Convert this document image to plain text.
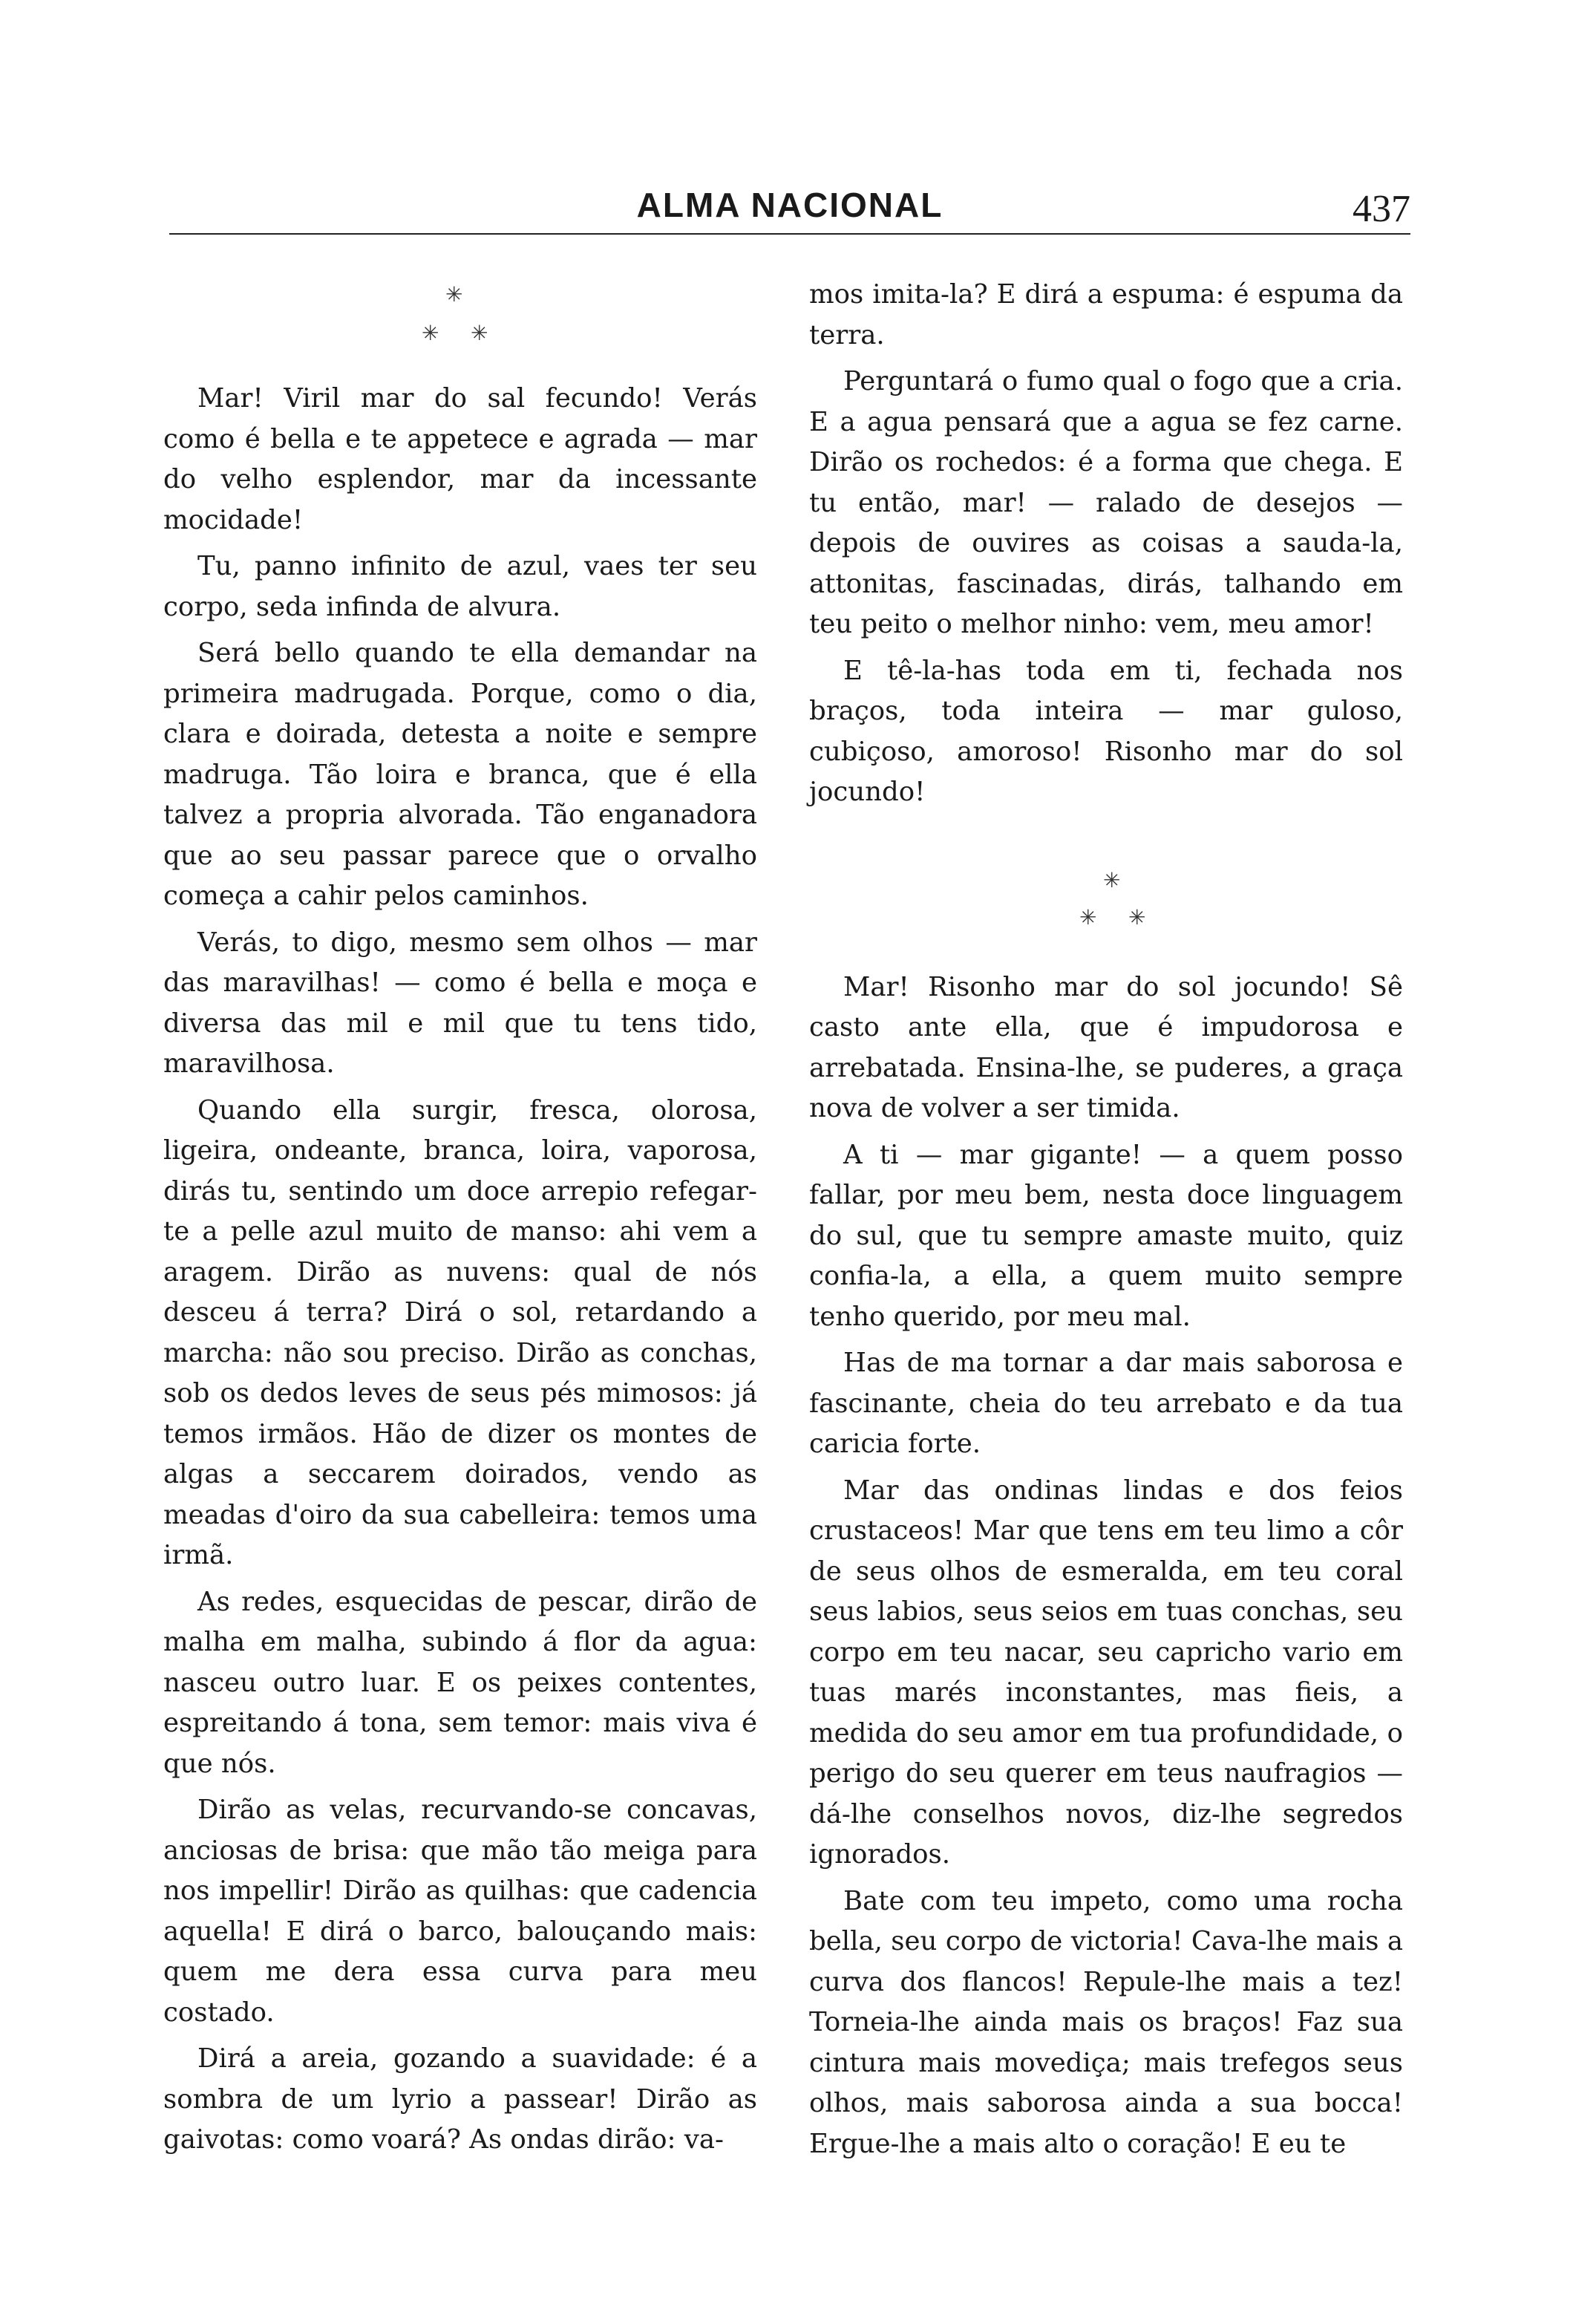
ALMA NACIONAL	437
✳
✳ ✳

Mar! Viril mar do sal fecundo! Verás como é bella e te appetece e agrada — mar do velho esplendor, mar da incessante mocidade!

Tu, panno infinito de azul, vaes ter seu corpo, seda infinda de alvura.

Será bello quando te ella demandar na primeira madrugada. Porque, como o dia, clara e doirada, detesta a noite e sempre madruga. Tão loira e branca, que é ella talvez a propria alvorada. Tão enganadora que ao seu passar parece que o orvalho começa a cahir pelos caminhos.

Verás, to digo, mesmo sem olhos — mar das maravilhas! — como é bella e moça e diversa das mil e mil que tu tens tido, maravilhosa.

Quando ella surgir, fresca, olorosa, ligeira, ondeante, branca, loira, vaporosa, dirás tu, sentindo um doce arrepio refegar-te a pelle azul muito de manso: ahi vem a aragem. Dirão as nuvens: qual de nós desceu á terra? Dirá o sol, retardando a marcha: não sou preciso. Dirão as conchas, sob os dedos leves de seus pés mimosos: já temos irmãos. Hão de dizer os montes de algas a seccarem doirados, vendo as meadas d'oiro da sua cabelleira: temos uma irmã.

As redes, esquecidas de pescar, dirão de malha em malha, subindo á flor da agua: nasceu outro luar. E os peixes contentes, espreitando á tona, sem temor: mais viva é que nós.

Dirão as velas, recurvando-se concavas, anciosas de brisa: que mão tão meiga para nos impellir! Dirão as quilhas: que cadencia aquella! E dirá o barco, balouçando mais: quem me dera essa curva para meu costado.

Dirá a areia, gozando a suavidade: é a sombra de um lyrio a passear! Dirão as gaivotas: como voará? As ondas dirão: va-

mos imita-la? E dirá a espuma: é espuma da terra.

Perguntará o fumo qual o fogo que a cria. E a agua pensará que a agua se fez carne. Dirão os rochedos: é a forma que chega. E tu então, mar! — ralado de desejos — depois de ouvires as coisas a sauda-la, attonitas, fascinadas, dirás, talhando em teu peito o melhor ninho: vem, meu amor!

E tê-la-has toda em ti, fechada nos braços, toda inteira — mar guloso, cubiçoso, amoroso! Risonho mar do sol jocundo!

✳
✳ ✳

Mar! Risonho mar do sol jocundo! Sê casto ante ella, que é impudorosa e arrebatada. Ensina-lhe, se puderes, a graça nova de volver a ser timida.

A ti — mar gigante! — a quem posso fallar, por meu bem, nesta doce linguagem do sul, que tu sempre amaste muito, quiz confia-la, a ella, a quem muito sempre tenho querido, por meu mal.

Has de ma tornar a dar mais saborosa e fascinante, cheia do teu arrebato e da tua caricia forte.

Mar das ondinas lindas e dos feios crustaceos! Mar que tens em teu limo a côr de seus olhos de esmeralda, em teu coral seus labios, seus seios em tuas conchas, seu corpo em teu nacar, seu capricho vario em tuas marés inconstantes, mas fieis, a medida do seu amor em tua profundidade, o perigo do seu querer em teus naufragios — dá-lhe conselhos novos, diz-lhe segredos ignorados.

Bate com teu impeto, como uma rocha bella, seu corpo de victoria! Cava-lhe mais a curva dos flancos! Repule-lhe mais a tez! Torneia-lhe ainda mais os braços! Faz sua cintura mais movediça; mais trefegos seus olhos, mais saborosa ainda a sua bocca! Ergue-lhe a mais alto o coração! E eu te
